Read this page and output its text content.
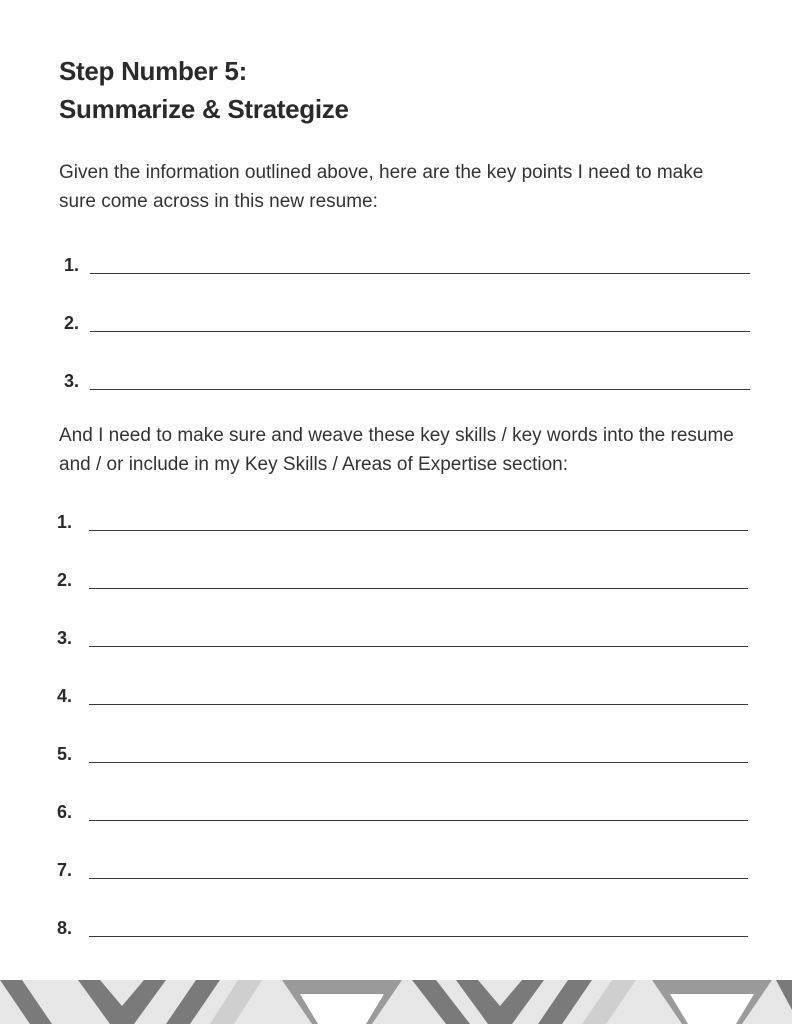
Step Number 5:
Summarize & Strategize

Given the information outlined above, here are the key points I need to make sure come across in this new resume:

1.
2.
3.

And I need to make sure and weave these key skills / key words into the resume and / or include in my Key Skills / Areas of Expertise section:

1.
2.
3.
4.
5.
6.
7.
8.
